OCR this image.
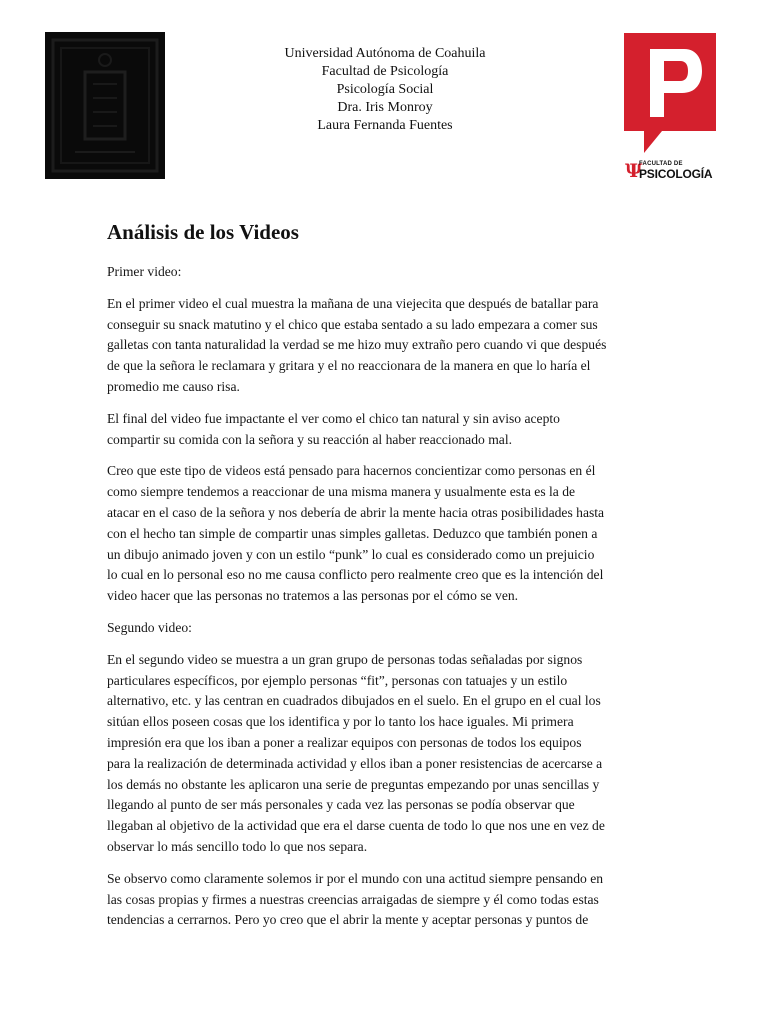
Universidad Autónoma de Coahuila
Facultad de Psicología
Psicología Social
Dra. Iris Monroy
Laura Fernanda Fuentes
Ψ
FACULTAD DE
PSICOLOGÍA
Análisis de los Videos

Primer video:

En el primer video el cual muestra la mañana de una viejecita que después de batallar para
conseguir su snack matutino y el chico que estaba sentado a su lado empezara a comer sus
galletas con tanta naturalidad la verdad se me hizo muy extraño pero cuando vi que después
de que la señora le reclamara y gritara y el no reaccionara de la manera en que lo haría el
promedio me causo risa.

El final del video fue impactante el ver como el chico tan natural y sin aviso acepto
compartir su comida con la señora y su reacción al haber reaccionado mal.

Creo que este tipo de videos está pensado para hacernos concientizar como personas en él
como siempre tendemos a reaccionar de una misma manera y usualmente esta es la de
atacar en el caso de la señora y nos debería de abrir la mente hacia otras posibilidades hasta
con el hecho tan simple de compartir unas simples galletas. Deduzco que también ponen a
un dibujo animado joven y con un estilo “punk” lo cual es considerado como un prejuicio
lo cual en lo personal eso no me causa conflicto pero realmente creo que es la intención del
video hacer que las personas no tratemos a las personas por el cómo se ven.

Segundo video:

En el segundo video se muestra a un gran grupo de personas todas señaladas por signos
particulares específicos, por ejemplo personas “fit”, personas con tatuajes y un estilo
alternativo, etc. y las centran en cuadrados dibujados en el suelo. En el grupo en el cual los
sitúan ellos poseen cosas que los identifica y por lo tanto los hace iguales. Mi primera
impresión era que los iban a poner a realizar equipos con personas de todos los equipos
para la realización de determinada actividad y ellos iban a poner resistencias de acercarse a
los demás no obstante les aplicaron una serie de preguntas empezando por unas sencillas y
llegando al punto de ser más personales y cada vez las personas se podía observar que
llegaban al objetivo de la actividad que era el darse cuenta de todo lo que nos une en vez de
observar lo más sencillo todo lo que nos separa.

Se observo como claramente solemos ir por el mundo con una actitud siempre pensando en
las cosas propias y firmes a nuestras creencias arraigadas de siempre y él como todas estas
tendencias a cerrarnos. Pero yo creo que el abrir la mente y aceptar personas y puntos de
